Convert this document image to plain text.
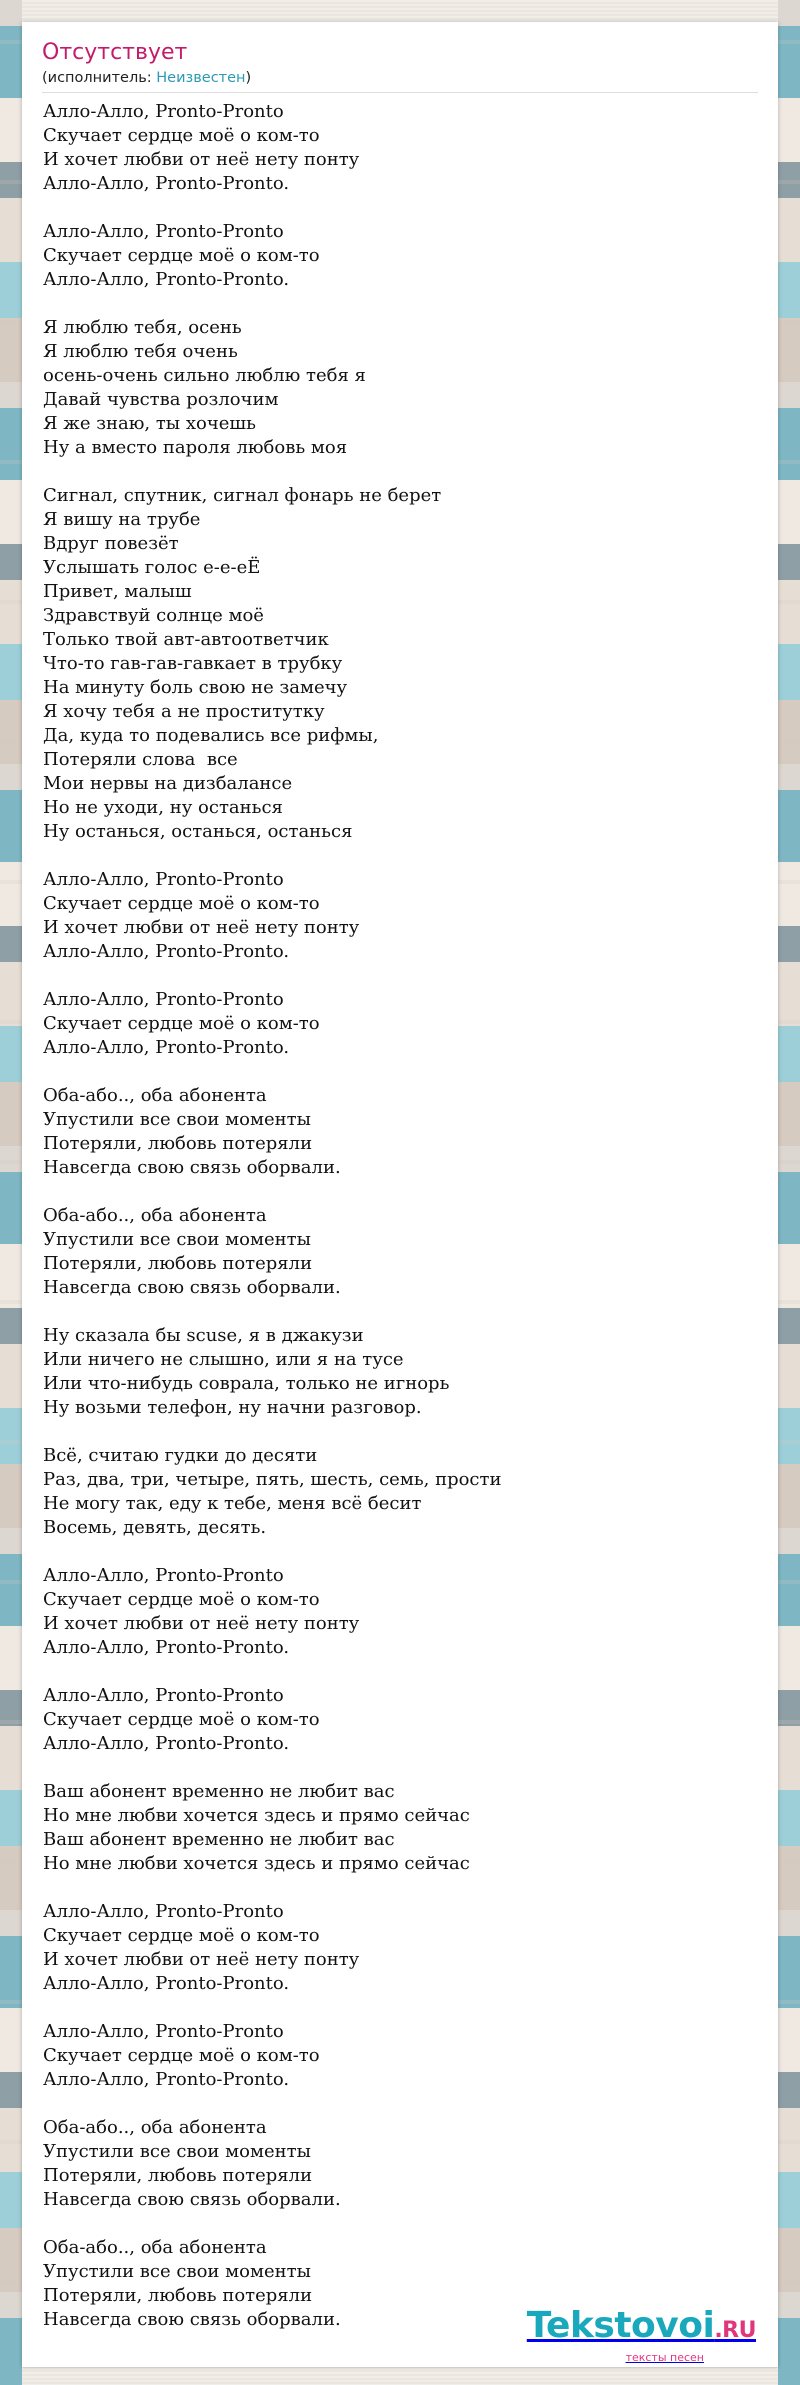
Отсутствует
(исполнитель: Неизвестен)
Алло-Алло, Pronto-Pronto
Скучает сердце моё о ком-то
И хочет любви от неё нету понту
Алло-Алло, Pronto-Pronto.

Алло-Алло, Pronto-Pronto
Скучает сердце моё о ком-то
Алло-Алло, Pronto-Pronto.

Я люблю тебя, осень
Я люблю тебя очень
осень-очень сильно люблю тебя я
Давай чувства розлочим
Я же знаю, ты хочешь
Ну а вместо пароля любовь моя

Сигнал, спутник, сигнал фонарь не берет
Я вишу на трубе
Вдруг повезёт
Услышать голос е-е-еЁ
Привет, малыш
Здравствуй солнце моё
Только твой авт-автоответчик
Что-то гав-гав-гавкает в трубку
На минуту боль свою не замечу
Я хочу тебя а не проститутку
Да, куда то подевались все рифмы,
Потеряли слова  все
Мои нервы на дизбалансе
Но не уходи, ну останься
Ну останься, останься, останься

Алло-Алло, Pronto-Pronto
Скучает сердце моё о ком-то
И хочет любви от неё нету понту
Алло-Алло, Pronto-Pronto.

Алло-Алло, Pronto-Pronto
Скучает сердце моё о ком-то
Алло-Алло, Pronto-Pronto.

Оба-або.., оба абонента
Упустили все свои моменты
Потеряли, любовь потеряли
Навсегда свою связь оборвали.

Оба-або.., оба абонента
Упустили все свои моменты
Потеряли, любовь потеряли
Навсегда свою связь оборвали.

Ну сказала бы scuse, я в джакузи
Или ничего не слышно, или я на тусе
Или что-нибудь соврала, только не игнорь
Ну возьми телефон, ну начни разговор.

Всё, считаю гудки до десяти
Раз, два, три, четыре, пять, шесть, семь, прости
Не могу так, еду к тебе, меня всё бесит
Восемь, девять, десять.

Алло-Алло, Pronto-Pronto
Скучает сердце моё о ком-то
И хочет любви от неё нету понту
Алло-Алло, Pronto-Pronto.

Алло-Алло, Pronto-Pronto
Скучает сердце моё о ком-то
Алло-Алло, Pronto-Pronto.

Ваш абонент временно не любит вас
Но мне любви хочется здесь и прямо сейчас
Ваш абонент временно не любит вас
Но мне любви хочется здесь и прямо сейчас

Алло-Алло, Pronto-Pronto
Скучает сердце моё о ком-то
И хочет любви от неё нету понту
Алло-Алло, Pronto-Pronto.

Алло-Алло, Pronto-Pronto
Скучает сердце моё о ком-то
Алло-Алло, Pronto-Pronto.

Оба-або.., оба абонента
Упустили все свои моменты
Потеряли, любовь потеряли
Навсегда свою связь оборвали.

Оба-або.., оба абонента
Упустили все свои моменты
Потеряли, любовь потеряли
Навсегда свою связь оборвали.	Tekstovoi.RU
тексты песен
